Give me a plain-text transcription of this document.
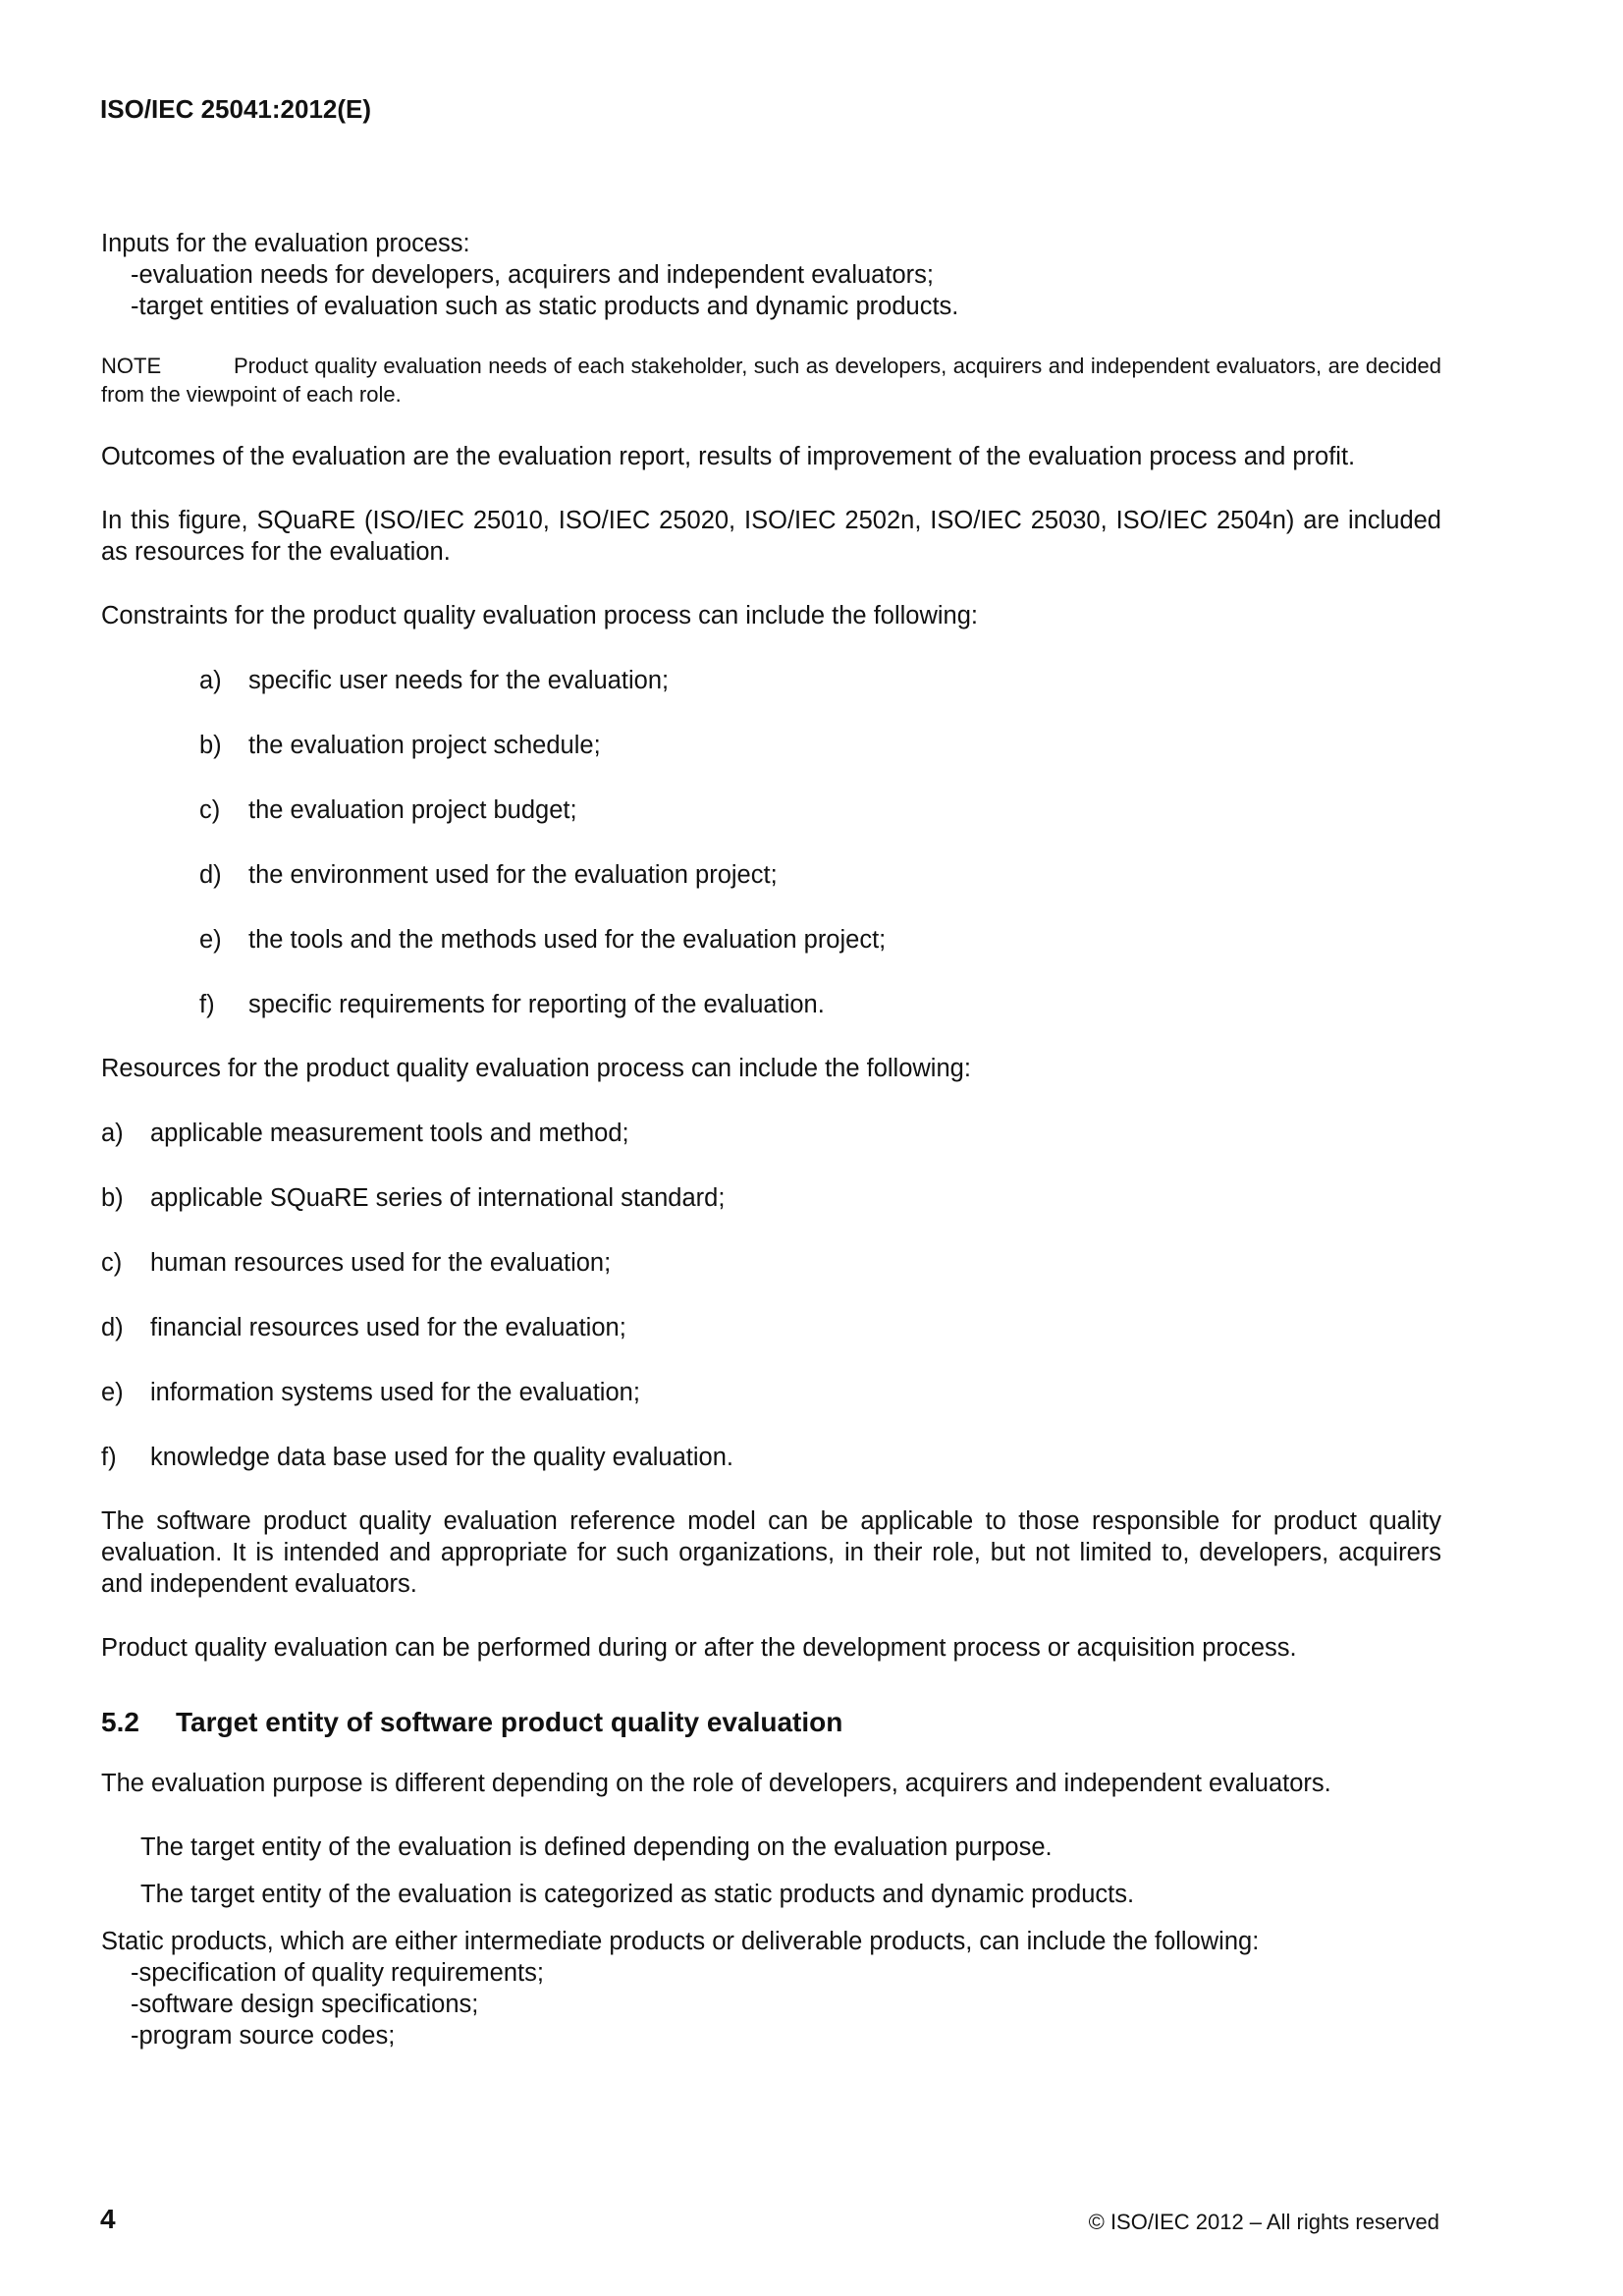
ISO/IEC 25041:2012(E)

Inputs for the evaluation process:

-evaluation needs for developers, acquirers and independent evaluators;

-target entities of evaluation such as static products and dynamic products.

NOTE	Product quality evaluation needs of each stakeholder, such as developers, acquirers and independent evaluators, are decided from the viewpoint of each role.

Outcomes of the evaluation are the evaluation report, results of improvement of the evaluation process and profit.

In this figure, SQuaRE (ISO/IEC 25010, ISO/IEC 25020, ISO/IEC 2502n, ISO/IEC 25030, ISO/IEC 2504n) are included as resources for the evaluation.

Constraints for the product quality evaluation process can include the following:

a)	specific user needs for the evaluation;
b)	the evaluation project schedule;
c)	the evaluation project budget;
d)	the environment used for the evaluation project;
e)	the tools and the methods used for the evaluation project;
f)	specific requirements for reporting of the evaluation.

Resources for the product quality evaluation process can include the following:

a)	applicable measurement tools and method;
b)	applicable SQuaRE series of international standard;
c)	human resources used for the evaluation;
d)	financial resources used for the evaluation;
e)	information systems used for the evaluation;
f)	knowledge data base used for the quality evaluation.

The software product quality evaluation reference model can be applicable to those responsible for product quality evaluation. It is intended and appropriate for such organizations, in their role, but not limited to, developers, acquirers and independent evaluators.

Product quality evaluation can be performed during or after the development process or acquisition process.

5.2 Target entity of software product quality evaluation

The evaluation purpose is different depending on the role of developers, acquirers and independent evaluators.

The target entity of the evaluation is defined depending on the evaluation purpose.

The target entity of the evaluation is categorized as static products and dynamic products.

Static products, which are either intermediate products or deliverable products, can include the following:

-specification of quality requirements;

-software design specifications;

-program source codes;

4	© ISO/IEC 2012 – All rights reserved
